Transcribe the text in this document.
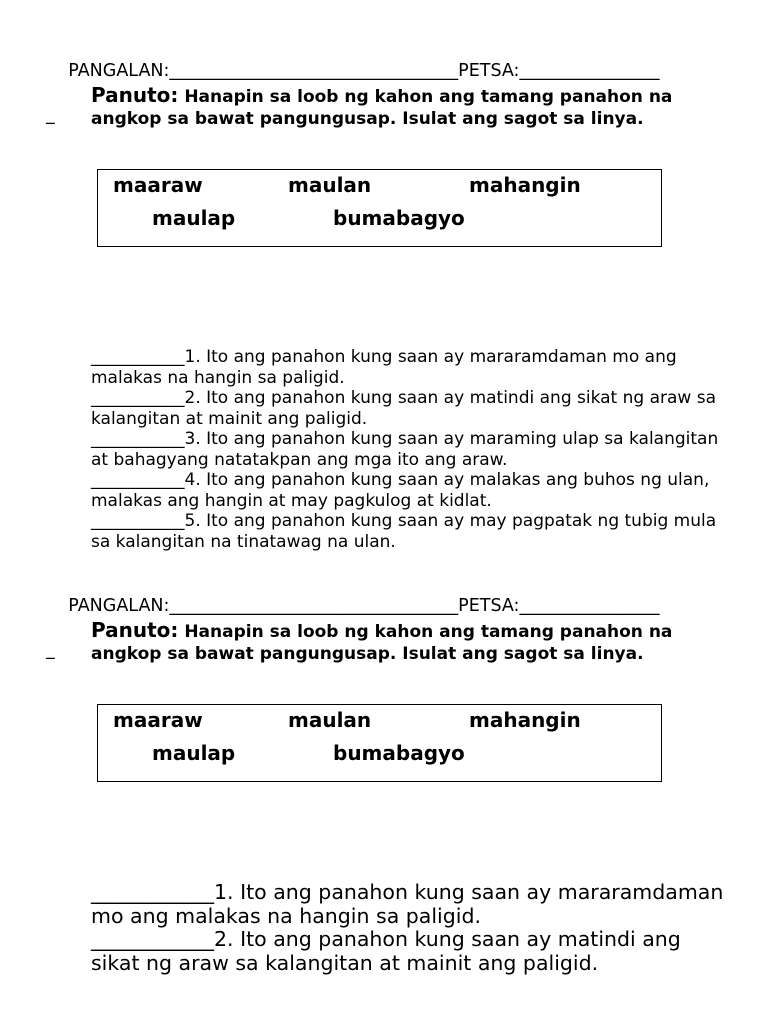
PANGALAN:_________________________________PETSA:________________

_

Panuto: Hanapin sa loob ng kahon ang tamang panahon na angkop sa bawat pangungusap. Isulat ang sagot sa linya.
maaraw	maulan	mahangin
maulap	bumabagyo

___________1. Ito ang panahon kung saan ay mararamdaman mo ang malakas na hangin sa paligid.

___________2. Ito ang panahon kung saan ay matindi ang sikat ng araw sa kalangitan at mainit ang paligid.

___________3. Ito ang panahon kung saan ay maraming ulap sa kalangitan at bahagyang natatakpan ang mga ito ang araw.

___________4. Ito ang panahon kung saan ay malakas ang buhos ng ulan, malakas ang hangin at may pagkulog at kidlat.

___________5. Ito ang panahon kung saan ay may pagpatak ng tubig mula sa kalangitan na tinatawag na ulan.

PANGALAN:_________________________________PETSA:________________

_

Panuto: Hanapin sa loob ng kahon ang tamang panahon na angkop sa bawat pangungusap. Isulat ang sagot sa linya.
maaraw	maulan	mahangin
maulap	bumabagyo

____________1. Ito ang panahon kung saan ay mararamdaman mo ang malakas na hangin sa paligid.

____________2. Ito ang panahon kung saan ay matindi ang sikat ng araw sa kalangitan at mainit ang paligid.
